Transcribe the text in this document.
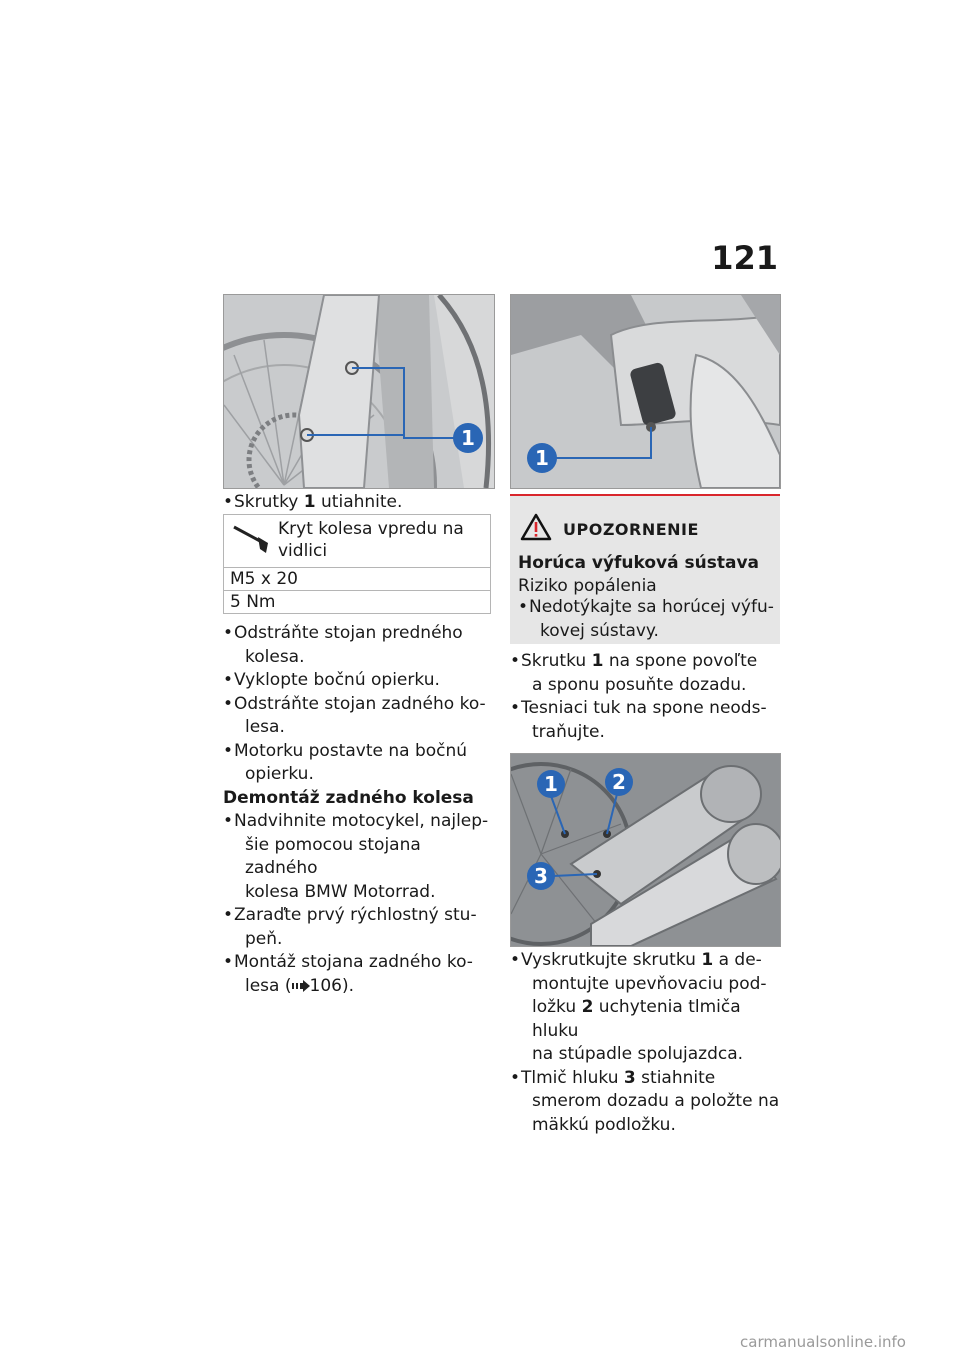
121
1
1
• Skrutky 1 utiahnite.
Kryt kolesa vpredu na vidlici

M5 x 20
5 Nm
• Odstráňte stojan predného
kolesa.
• Vyklopte bočnú opierku.
• Odstráňte stojan zadného ko-
lesa.
• Motorku postavte na bočnú
opierku.
Demontáž zadného kolesa
• Nadvihnite motocykel, najlep-
šie pomocou stojana zadného
kolesa BMW Motorrad.
• Zaraďte prvý rýchlostný stu-
peň.
• Montáž stojana zadného ko-
lesa ( 106).
UPOZORNENIE
Horúca výfuková sústava
Riziko popálenia
• Nedotýkajte sa horúcej výfu-
kovej sústavy.
• Skrutku 1 na spone povoľte
a sponu posuňte dozadu.
• Tesniaci tuk na spone neods-
traňujte.
1	2
3
• Vyskrutkujte skrutku 1 a de-
montujte upevňovaciu pod-
ložku 2 uchytenia tlmiča hluku
na stúpadle spolujazdca.
• Tlmič hluku 3 stiahnite
smerom dozadu a položte na
mäkkú podložku.
carmanualsonline.info
